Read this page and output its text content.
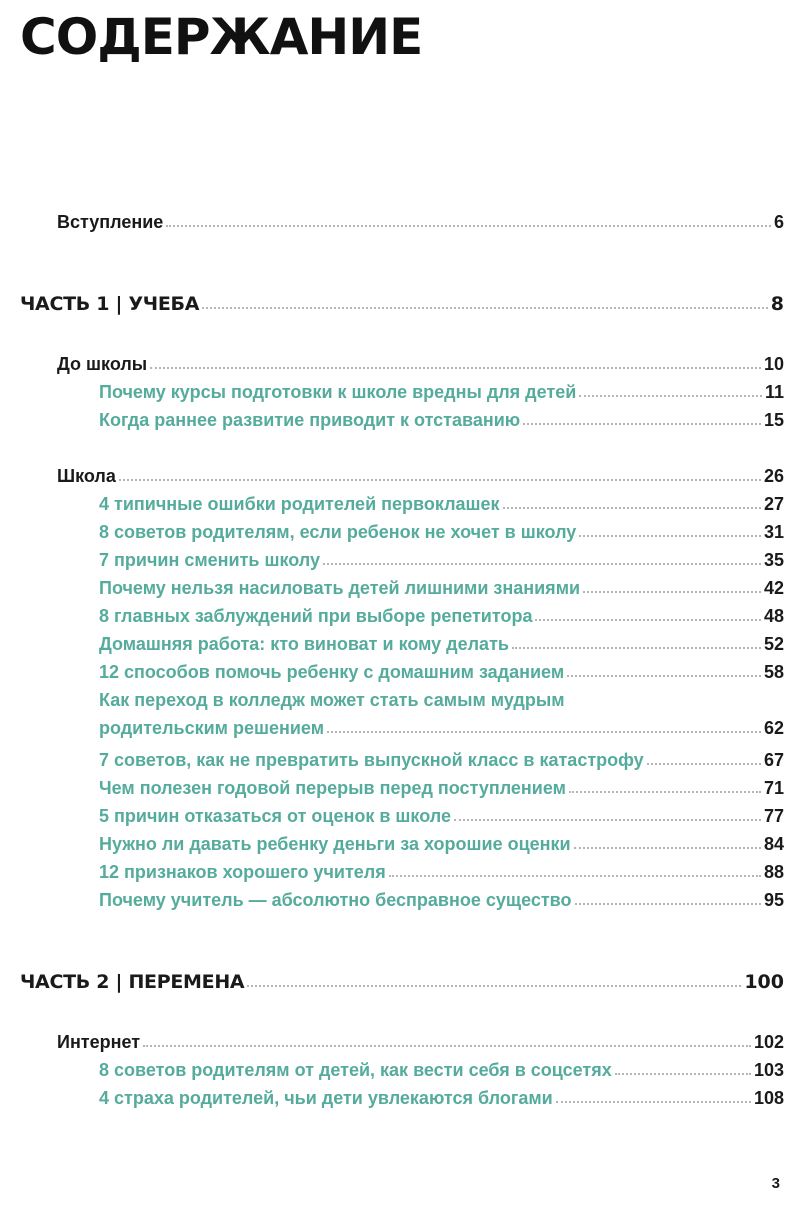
СОДЕРЖАНИЕ
Вступление	6
ЧАСТЬ 1 | УЧЕБА	8
До школы	10
Почему курсы подготовки к школе вредны для детей	11
Когда раннее развитие приводит к отставанию	15
Школа	26
4 типичные ошибки родителей первоклашек	27
8 советов родителям, если ребенок не хочет в школу	31
7 причин сменить школу	35
Почему нельзя насиловать детей лишними знаниями	42
8 главных заблуждений при выборе репетитора	48
Домашняя работа: кто виноват и кому делать	52
12 способов помочь ребенку с домашним заданием	58
Как переход в колледж может стать самым мудрым
родительским решением	62
7 советов, как не превратить выпускной класс в катастрофу	67
Чем полезен годовой перерыв перед поступлением	71
5 причин отказаться от оценок в школе	77
Нужно ли давать ребенку деньги за хорошие оценки	84
12 признаков хорошего учителя	88
Почему учитель — абсолютно бесправное существо	95
ЧАСТЬ 2 | ПЕРЕМЕНА	100
Интернет	102
8 советов родителям от детей, как вести себя в соцсетях	103
4 страха родителей, чьи дети увлекаются блогами	108
3
